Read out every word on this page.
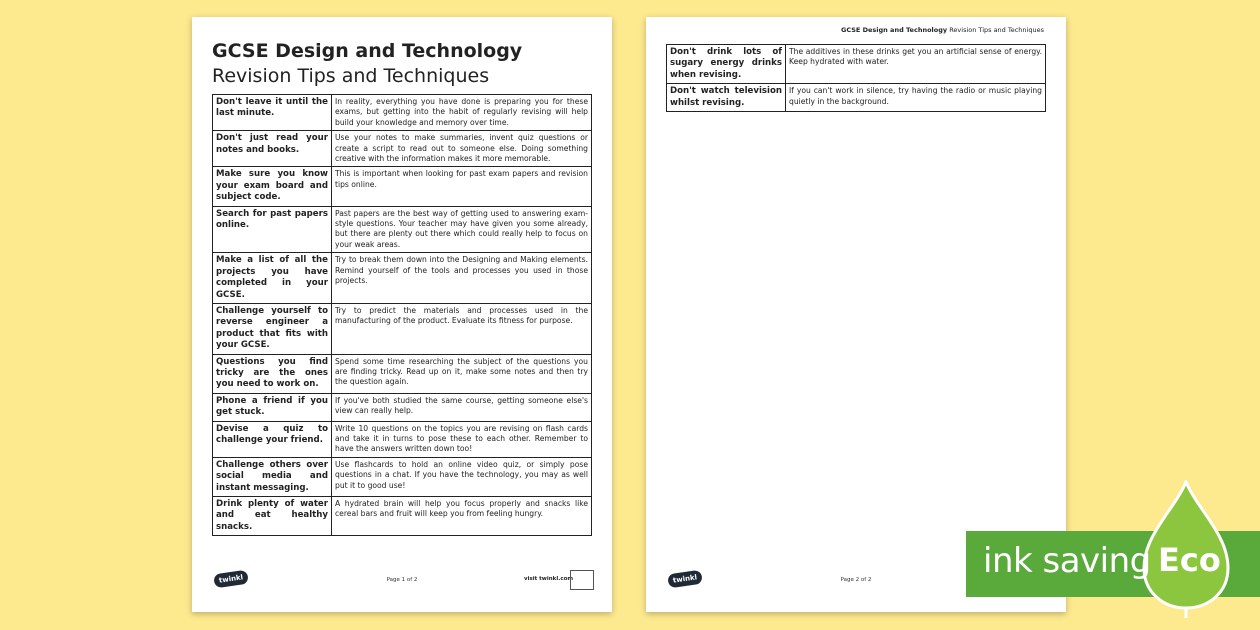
GCSE Design and Technology Revision Tips and Techniques
Don't leave it until the last minute.	In reality, everything you have done is preparing you for these exams, but getting into the habit of regularly revising will help build your knowledge and memory over time.
Don't just read your notes and books.	Use your notes to make summaries, invent quiz questions or create a script to read out to someone else. Doing something creative with the information makes it more memorable.
Make sure you know your exam board and subject code.	This is important when looking for past exam papers and revision tips online.
Search for past papers online.	Past papers are the best way of getting used to answering exam-style questions. Your teacher may have given you some already, but there are plenty out there which could really help to focus on your weak areas.
Make a list of all the projects you have completed in your GCSE.	Try to break them down into the Designing and Making elements. Remind yourself of the tools and processes you used in those projects.
Challenge yourself to reverse engineer a product that fits with your GCSE.	Try to predict the materials and processes used in the manufacturing of the product. Evaluate its fitness for purpose.
Questions you find tricky are the ones you need to work on.	Spend some time researching the subject of the questions you are finding tricky. Read up on it, make some notes and then try the question again.
Phone a friend if you get stuck.	If you've both studied the same course, getting someone else's view can really help.
Devise a quiz to challenge your friend.	Write 10 questions on the topics you are revising on flash cards and take it in turns to pose these to each other. Remember to have the answers written down too!
Challenge others over social media and instant messaging.	Use flashcards to hold an online video quiz, or simply pose questions in a chat. If you have the technology, you may as well put it to good use!
Drink plenty of water and eat healthy snacks.	A hydrated brain will help you focus properly and snacks like cereal bars and fruit will keep you from feeling hungry.
twinkl	Page 1 of 2	visit twinkl.com
GCSE Design and Technology Revision Tips and Techniques
Don't drink lots of sugary energy drinks when revising.	The additives in these drinks get you an artificial sense of energy. Keep hydrated with water.
Don't watch television whilst revising.	If you can't work in silence, try having the radio or music playing quietly in the background.
twinkl	Page 2 of 2	ink saving Eco
